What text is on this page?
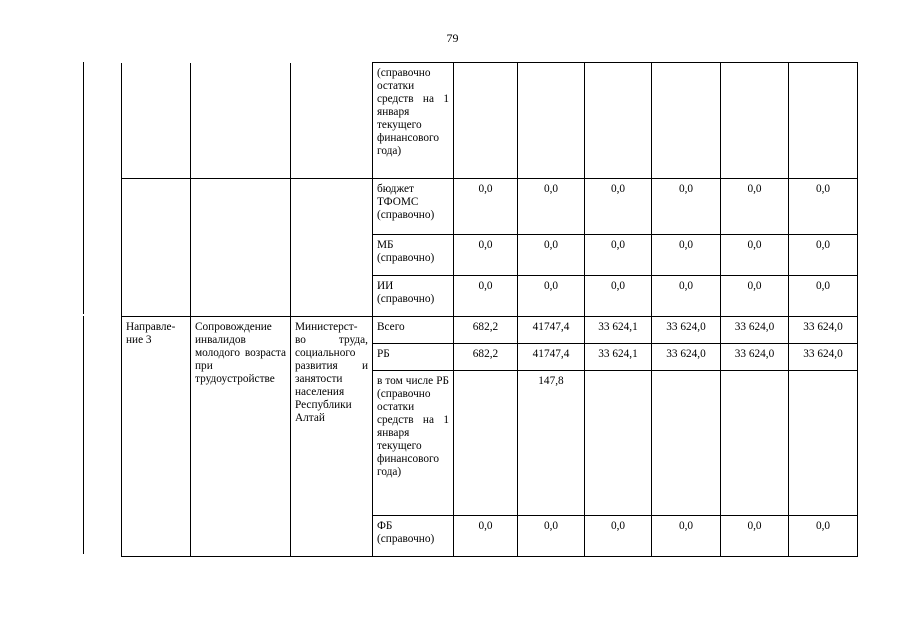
79
			(справочно остатки средств на 1 января текущего финансового года)						
			бюджет ТФОМС (справочно)	0,0	0,0	0,0	0,0	0,0	0,0
			МБ (справочно)	0,0	0,0	0,0	0,0	0,0	0,0
			ИИ (справочно)	0,0	0,0	0,0	0,0	0,0	0,0
Направле-ние 3	Сопровождение инвалидов молодого возраста при трудоустройстве	Министерст-во труда, социального развития и занятости населения Республики Алтай	Всего	682,2	41747,4	33 624,1	33 624,0	33 624,0	33 624,0
			РБ	682,2	41747,4	33 624,1	33 624,0	33 624,0	33 624,0
			в том числе РБ (справочно остатки средств на 1 января текущего финансового года)		147,8				
			ФБ (справочно)	0,0	0,0	0,0	0,0	0,0	0,0
